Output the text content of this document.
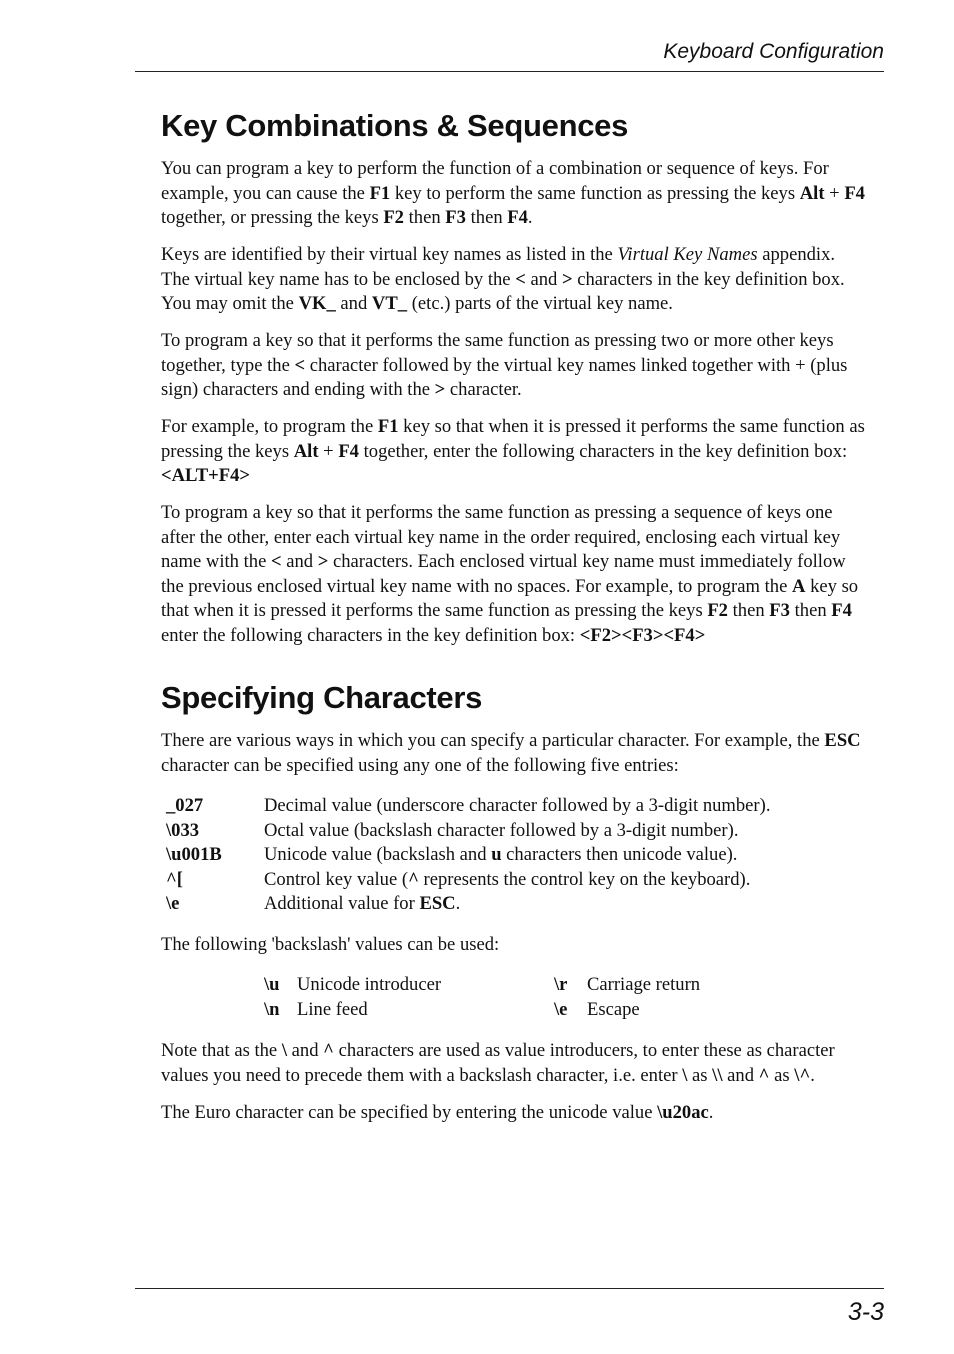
Keyboard Configuration
Key Combinations & Sequences

You can program a key to perform the function of a combination or sequence of keys. For example, you can cause the F1 key to perform the same function as pressing the keys Alt + F4 together, or pressing the keys F2 then F3 then F4.

Keys are identified by their virtual key names as listed in the Virtual Key Names appendix. The virtual key name has to be enclosed by the < and > characters in the key definition box. You may omit the VK_ and VT_ (etc.) parts of the virtual key name.

To program a key so that it performs the same function as pressing two or more other keys together, type the < character followed by the virtual key names linked together with + (plus sign) characters and ending with the > character.

For example, to program the F1 key so that when it is pressed it performs the same function as pressing the keys Alt + F4 together, enter the following characters in the key definition box: <ALT+F4>

To program a key so that it performs the same function as pressing a sequence of keys one after the other, enter each virtual key name in the order required, enclosing each virtual key name with the < and > characters. Each enclosed virtual key name must immediately follow the previous enclosed virtual key name with no spaces. For example, to program the A key so that when it is pressed it performs the same function as pressing the keys F2 then F3 then F4 enter the following characters in the key definition box: <F2><F3><F4>

Specifying Characters

There are various ways in which you can specify a particular character. For example, the ESC character can be specified using any one of the following five entries:

_027	Decimal value (underscore character followed by a 3-digit number).
\033	Octal value (backslash character followed by a 3-digit number).
\u001B	Unicode value (backslash and u characters then unicode value).
^[	Control key value (^ represents the control key on the keyboard).
\e	Additional value for ESC.

The following 'backslash' values can be used:

\u Unicode introducer	\r	Carriage return
\n Line feed	\e	Escape

Note that as the \ and ^ characters are used as value introducers, to enter these as character values you need to precede them with a backslash character, i.e. enter \ as \\ and ^ as \^.

The Euro character can be specified by entering the unicode value \u20ac.

3-3
